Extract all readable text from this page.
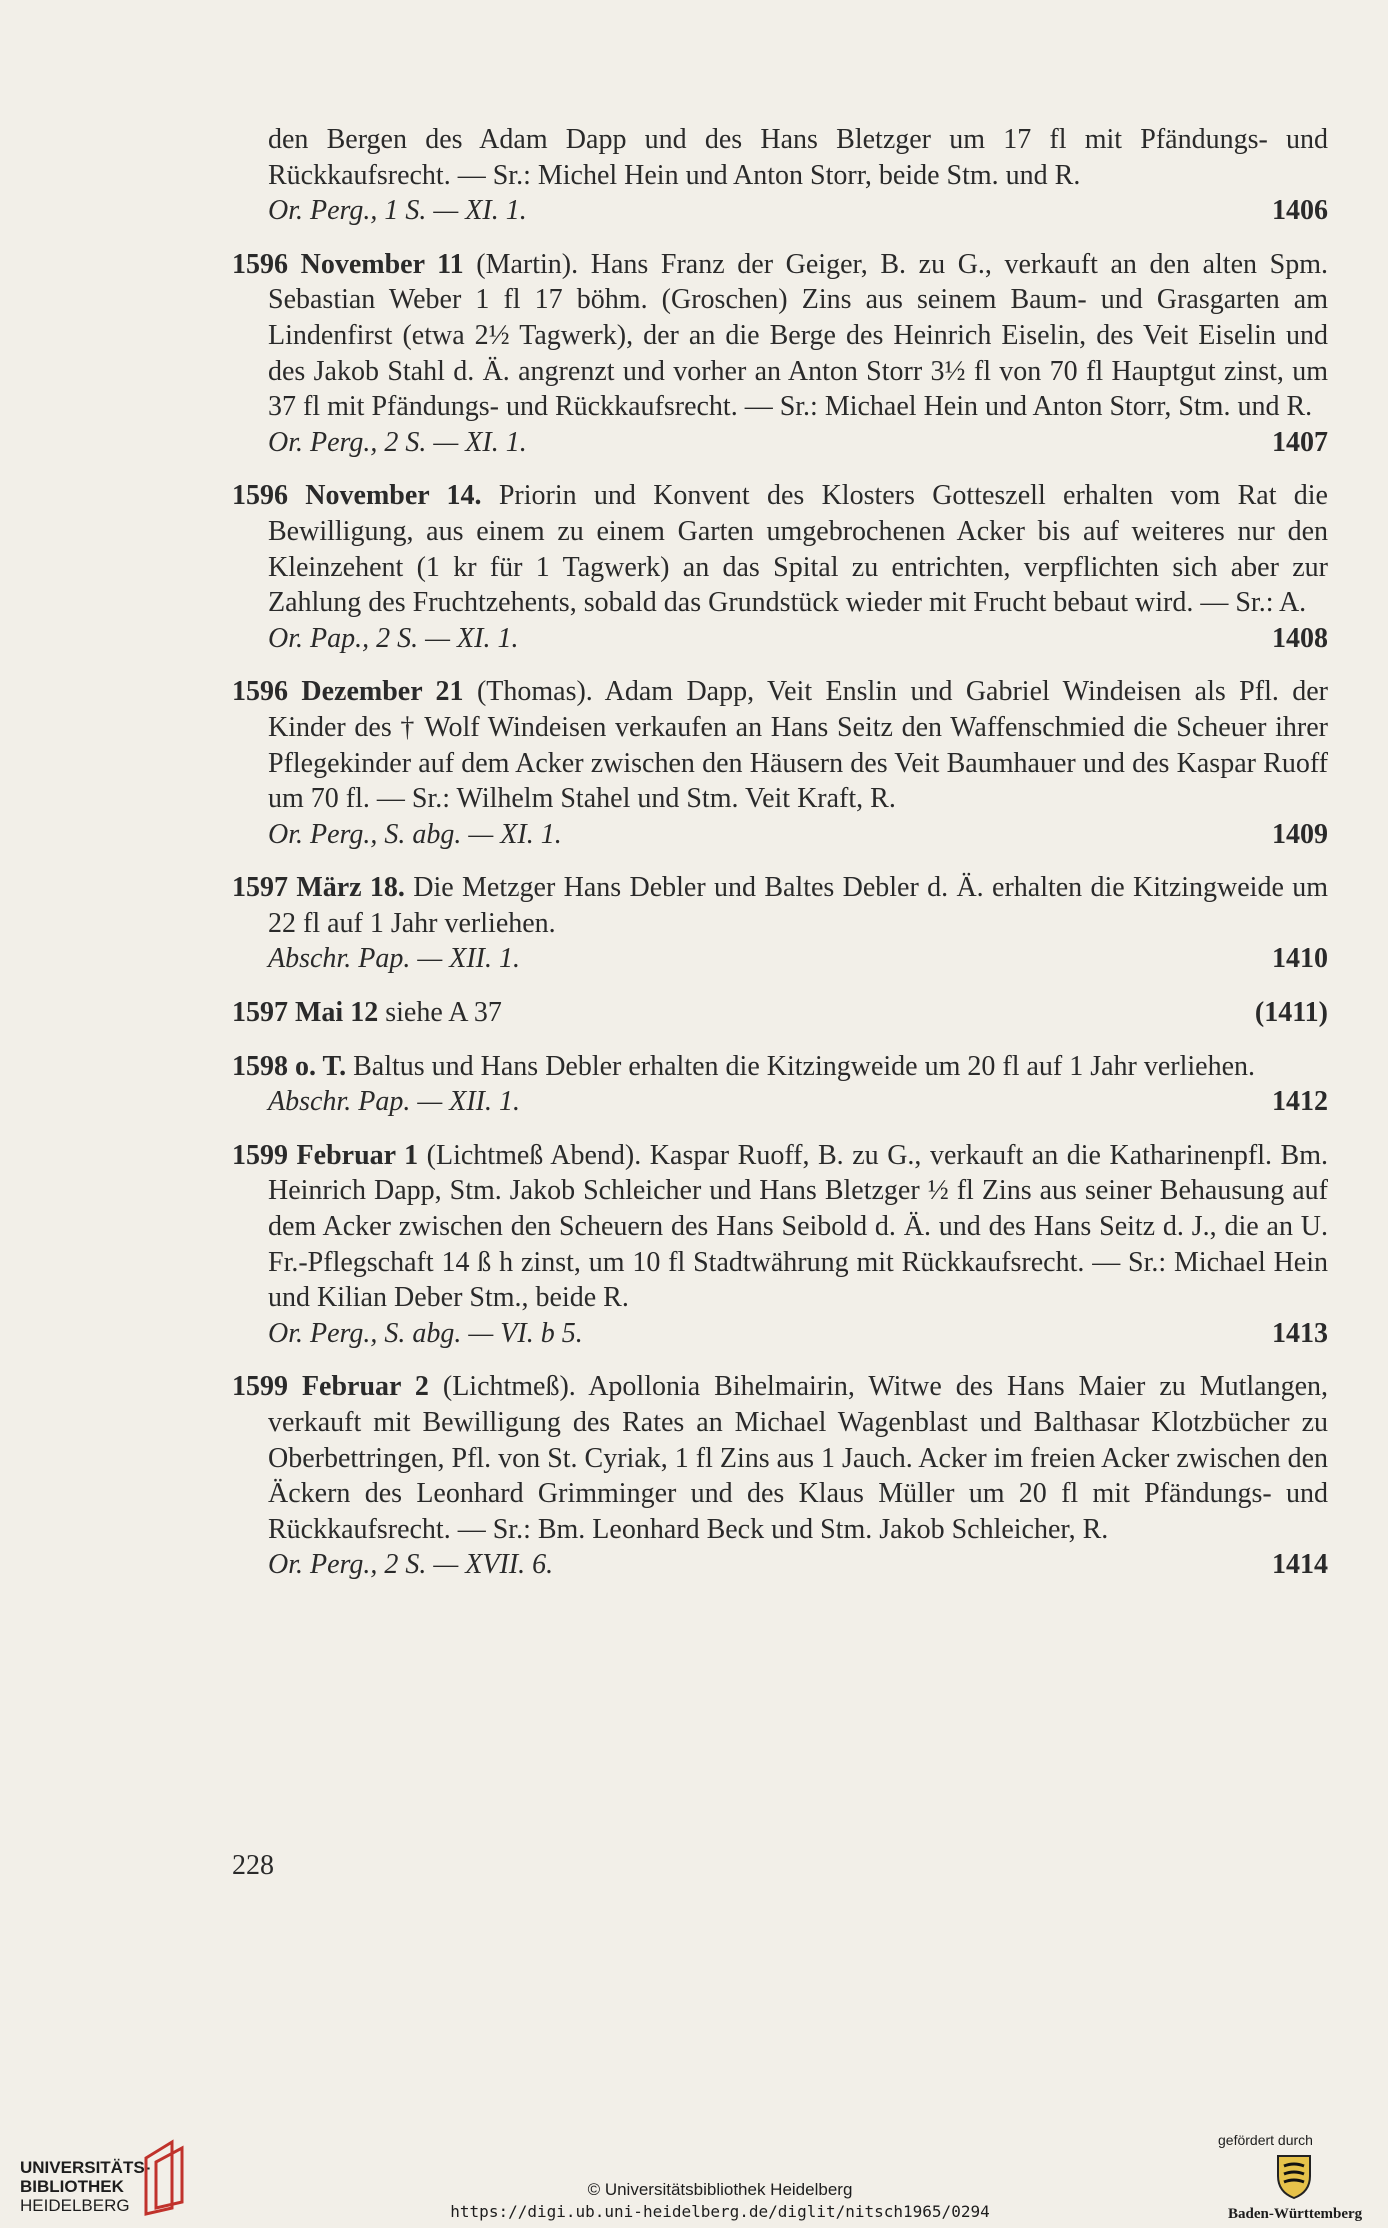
den Bergen des Adam Dapp und des Hans Bletzger um 17 fl mit Pfändungs- und Rückkaufsrecht. — Sr.: Michel Hein und Anton Storr, beide Stm. und R.
Or. Perg., 1 S. — XI. 1.	1406
1596 November 11 (Martin). Hans Franz der Geiger, B. zu G., verkauft an den alten Spm. Sebastian Weber 1 fl 17 böhm. (Groschen) Zins aus seinem Baum- und Grasgarten am Lindenfirst (etwa 2½ Tagwerk), der an die Berge des Heinrich Eiselin, des Veit Eiselin und des Jakob Stahl d. Ä. angrenzt und vorher an Anton Storr 3½ fl von 70 fl Hauptgut zinst, um 37 fl mit Pfändungs- und Rückkaufsrecht. — Sr.: Michael Hein und Anton Storr, Stm. und R.
Or. Perg., 2 S. — XI. 1.	1407
1596 November 14. Priorin und Konvent des Klosters Gotteszell erhalten vom Rat die Bewilligung, aus einem zu einem Garten umgebrochenen Acker bis auf weiteres nur den Kleinzehent (1 kr für 1 Tagwerk) an das Spital zu entrichten, verpflichten sich aber zur Zahlung des Fruchtzehents, sobald das Grundstück wieder mit Frucht bebaut wird. — Sr.: A.
Or. Pap., 2 S. — XI. 1.	1408
1596 Dezember 21 (Thomas). Adam Dapp, Veit Enslin und Gabriel Windeisen als Pfl. der Kinder des † Wolf Windeisen verkaufen an Hans Seitz den Waffenschmied die Scheuer ihrer Pflegekinder auf dem Acker zwischen den Häusern des Veit Baumhauer und des Kaspar Ruoff um 70 fl. — Sr.: Wilhelm Stahel und Stm. Veit Kraft, R.
Or. Perg., S. abg. — XI. 1.	1409
1597 März 18. Die Metzger Hans Debler und Baltes Debler d. Ä. erhalten die Kitzingweide um 22 fl auf 1 Jahr verliehen.
Abschr. Pap. — XII. 1.	1410
1597 Mai 12 siehe A 37	(1411)
1598 o. T. Baltus und Hans Debler erhalten die Kitzingweide um 20 fl auf 1 Jahr verliehen.
Abschr. Pap. — XII. 1.	1412
1599 Februar 1 (Lichtmeß Abend). Kaspar Ruoff, B. zu G., verkauft an die Katharinenpfl. Bm. Heinrich Dapp, Stm. Jakob Schleicher und Hans Bletzger ½ fl Zins aus seiner Behausung auf dem Acker zwischen den Scheuern des Hans Seibold d. Ä. und des Hans Seitz d. J., die an U. Fr.-Pflegschaft 14 ß h zinst, um 10 fl Stadtwährung mit Rückkaufsrecht. — Sr.: Michael Hein und Kilian Deber Stm., beide R.
Or. Perg., S. abg. — VI. b 5.	1413
1599 Februar 2 (Lichtmeß). Apollonia Bihelmairin, Witwe des Hans Maier zu Mutlangen, verkauft mit Bewilligung des Rates an Michael Wagenblast und Balthasar Klotzbücher zu Oberbettringen, Pfl. von St. Cyriak, 1 fl Zins aus 1 Jauch. Acker im freien Acker zwischen den Äckern des Leonhard Grimminger und des Klaus Müller um 20 fl mit Pfändungs- und Rückkaufsrecht. — Sr.: Bm. Leonhard Beck und Stm. Jakob Schleicher, R.
Or. Perg., 2 S. — XVII. 6.	1414
228
UNIVERSITÄTS-
BIBLIOTHEK
HEIDELBERG
© Universitätsbibliothek Heidelberg
https://digi.ub.uni-heidelberg.de/diglit/nitsch1965/0294
gefördert durch
Baden-Württemberg
